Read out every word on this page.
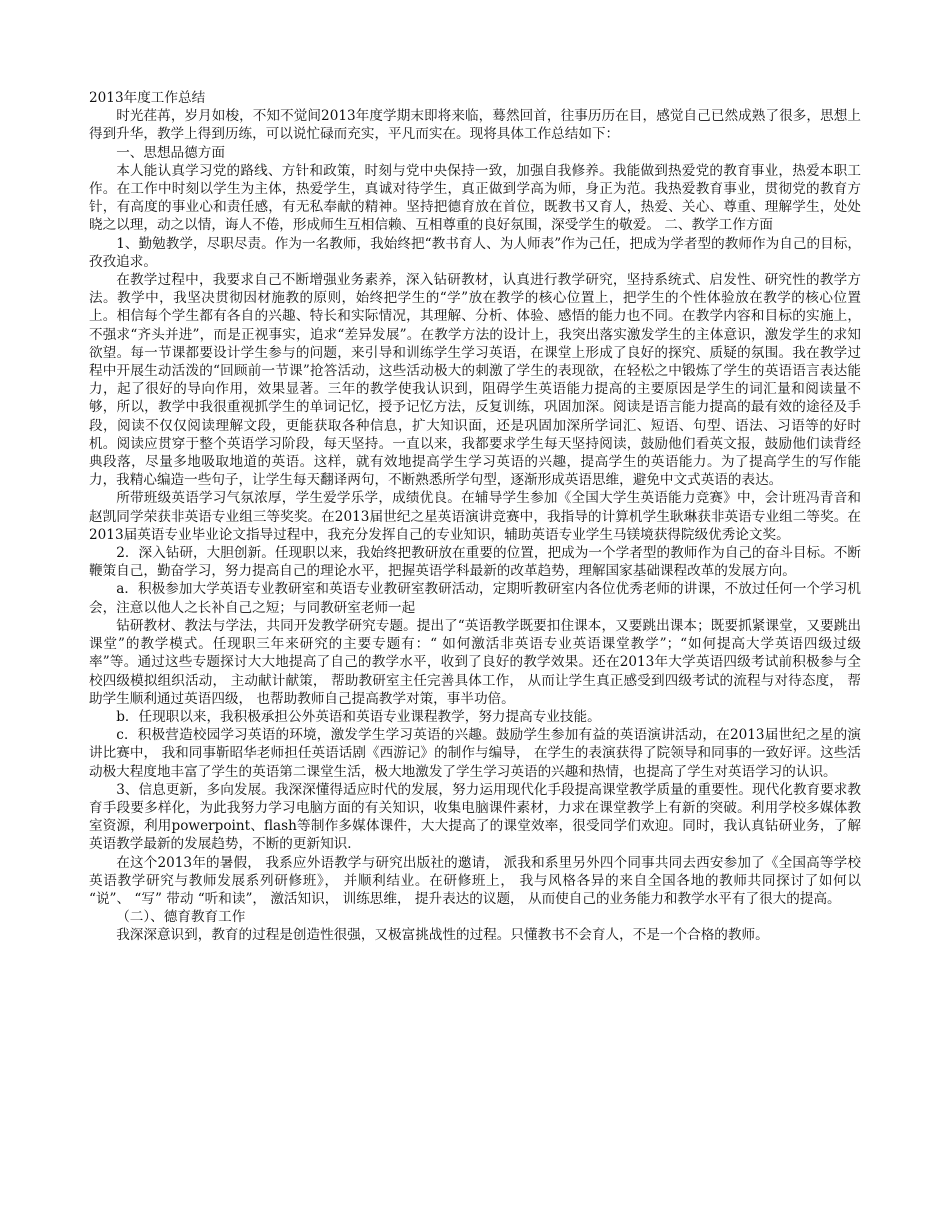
2013年度工作总结

时光荏苒，岁月如梭，不知不觉间2013年度学期末即将来临，蓦然回首，往事历历在目，感觉自己已然成熟了很多，思想上得到升华，教学上得到历练，可以说忙碌而充实，平凡而实在。现将具体工作总结如下：

一、思想品德方面

本人能认真学习党的路线、方针和政策，时刻与党中央保持一致，加强自我修养。我能做到热爱党的教育事业，热爱本职工作。在工作中时刻以学生为主体，热爱学生，真诚对待学生，真正做到学高为师，身正为范。我热爱教育事业，贯彻党的教育方针，有高度的事业心和责任感，有无私奉献的精神。坚持把德育放在首位，既教书又育人，热爱、关心、尊重、理解学生，处处晓之以理，动之以情，诲人不倦，形成师生互相信赖、互相尊重的良好氛围，深受学生的敬爱。 二、教学工作方面

1、勤勉教学，尽职尽责。作为一名教师，我始终把“教书育人、为人师表”作为己任，把成为学者型的教师作为自己的目标，孜孜追求。

在教学过程中，我要求自己不断增强业务素养，深入钻研教材，认真进行教学研究，坚持系统式、启发性、研究性的教学方法。教学中，我坚决贯彻因材施教的原则，始终把学生的“学”放在教学的核心位置上，把学生的个性体验放在教学的核心位置上。相信每个学生都有各自的兴趣、特长和实际情况，其理解、分析、体验、感悟的能力也不同。在教学内容和目标的实施上，不强求“齐头并进”，而是正视事实，追求“差异发展”。在教学方法的设计上，我突出落实激发学生的主体意识，激发学生的求知欲望。每一节课都要设计学生参与的问题，来引导和训练学生学习英语，在课堂上形成了良好的探究、质疑的氛围。我在教学过程中开展生动活泼的“回顾前一节课”抢答活动，这些活动极大的刺激了学生的表现欲，在轻松之中锻炼了学生的英语语言表达能力，起了很好的导向作用，效果显著。三年的教学使我认识到，阻碍学生英语能力提高的主要原因是学生的词汇量和阅读量不够，所以，教学中我很重视抓学生的单词记忆，授予记忆方法，反复训练，巩固加深。阅读是语言能力提高的最有效的途径及手段，阅读不仅仅阅读理解文段，更能获取各种信息，扩大知识面，还是巩固加深所学词汇、短语、句型、语法、习语等的好时机。阅读应贯穿于整个英语学习阶段，每天坚持。一直以来，我都要求学生每天坚持阅读，鼓励他们看英文报，鼓励他们读背经典段落，尽量多地吸取地道的英语。这样，就有效地提高学生学习英语的兴趣，提高学生的英语能力。为了提高学生的写作能力，我精心编造一些句子，让学生每天翻译两句，不断熟悉所学句型，逐渐形成英语思维，避免中文式英语的表达。

所带班级英语学习气氛浓厚，学生爱学乐学，成绩优良。在辅导学生参加《全国大学生英语能力竞赛》中，会计班冯青音和赵凯同学荣获非英语专业组三等奖奖。在2013届世纪之星英语演讲竞赛中，我指导的计算机学生耿琳获非英语专业组二等奖。在2013届英语专业毕业论文指导过程中，我充分发挥自己的专业知识，辅助英语专业学生马镁境获得院级优秀论文奖。

2．深入钻研，大胆创新。任现职以来，我始终把教研放在重要的位置，把成为一个学者型的教师作为自己的奋斗目标。不断鞭策自己，勤奋学习，努力提高自己的理论水平，把握英语学科最新的改革趋势，理解国家基础课程改革的发展方向。

a．积极参加大学英语专业教研室和英语专业教研室教研活动，定期听教研室内各位优秀老师的讲课，不放过任何一个学习机会，注意以他人之长补自己之短；与同教研室老师一起

钻研教材、教法与学法，共同开发教学研究专题。提出了“英语教学既要扣住课本，又要跳出课本；既要抓紧课堂，又要跳出课堂”的教学模式。任现职三年来研究的主要专题有：“ 如何激活非英语专业英语课堂教学”；“如何提高大学英语四级过级率”等。通过这些专题探讨大大地提高了自己的教学水平，收到了良好的教学效果。还在2013年大学英语四级考试前积极参与全校四级模拟组织活动， 主动献计献策， 帮助教研室主任完善具体工作， 从而让学生真正感受到四级考试的流程与对待态度， 帮助学生顺利通过英语四级， 也帮助教师自己提高教学对策，事半功倍。

b．任现职以来，我积极承担公外英语和英语专业课程教学，努力提高专业技能。

c．积极营造校园学习英语的环境，激发学生学习英语的兴趣。鼓励学生参加有益的英语演讲活动，在2013届世纪之星的演讲比赛中， 我和同事靳昭华老师担任英语话剧《西游记》的制作与编导， 在学生的表演获得了院领导和同事的一致好评。这些活动极大程度地丰富了学生的英语第二课堂生活，极大地激发了学生学习英语的兴趣和热情，也提高了学生对英语学习的认识。

3、信息更新，多向发展。我深深懂得适应时代的发展，努力运用现代化手段提高课堂教学质量的重要性。现代化教育要求教育手段要多样化，为此我努力学习电脑方面的有关知识，收集电脑课件素材，力求在课堂教学上有新的突破。利用学校多媒体教室资源，利用powerpoint、flash等制作多媒体课件，大大提高了的课堂效率，很受同学们欢迎。同时，我认真钻研业务，了解英语教学最新的发展趋势，不断的更新知识．

在这个2013年的暑假， 我系应外语教学与研究出版社的邀请， 派我和系里另外四个同事共同去西安参加了《全国高等学校英语教学研究与教师发展系列研修班》， 并顺利结业。在研修班上， 我与风格各异的来自全国各地的教师共同探讨了如何以 “说”、 “写” 带动 “听和读”， 激活知识， 训练思维， 提升表达的议题， 从而使自己的业务能力和教学水平有了很大的提高。

（二）、德育教育工作

我深深意识到，教育的过程是创造性很强，又极富挑战性的过程。只懂教书不会育人，不是一个合格的教师。
